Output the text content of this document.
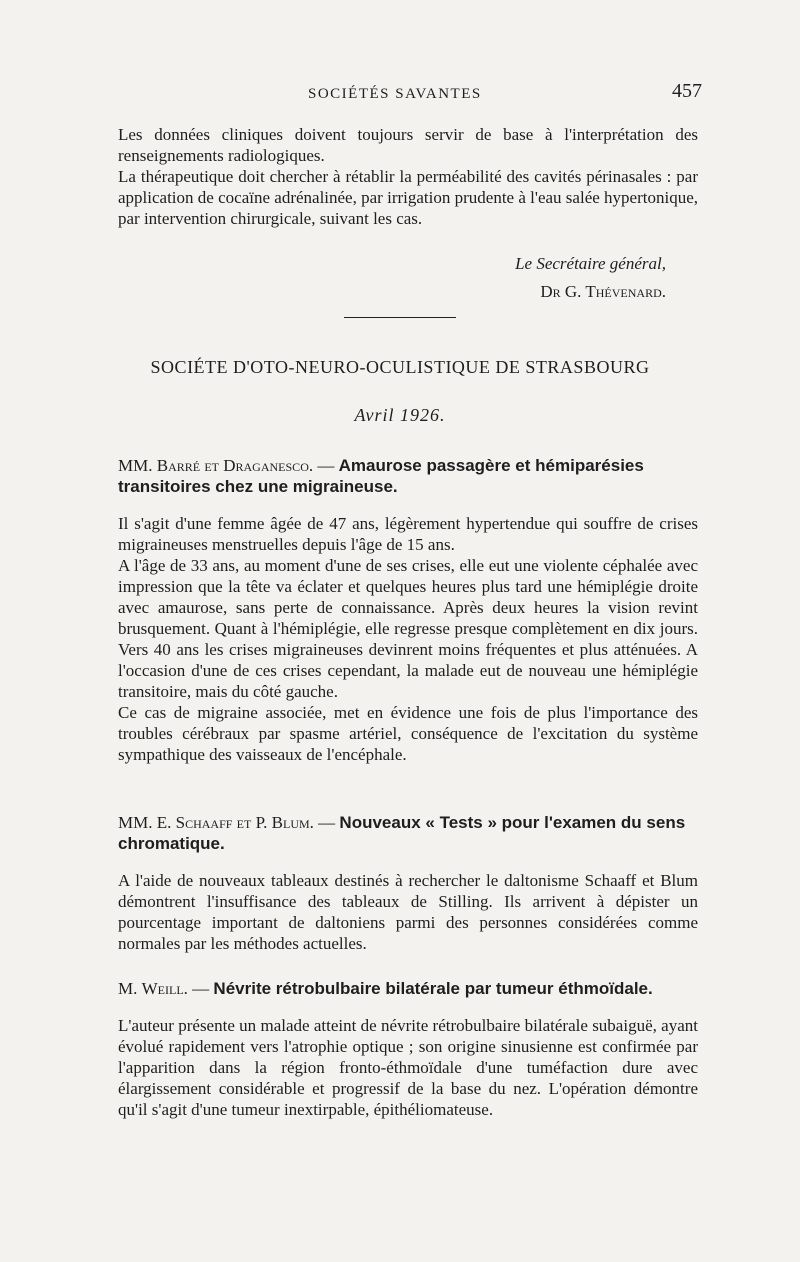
SOCIÉTÉS SAVANTES	457

Les données cliniques doivent toujours servir de base à l'interprétation des renseignements radiologiques.

La thérapeutique doit chercher à rétablir la perméabilité des cavités périnasales : par application de cocaïne adrénalinée, par irrigation prudente à l'eau salée hypertonique, par intervention chirurgicale, suivant les cas.

Le Secrétaire général,
Dr G. Thévenard.
SOCIÉTE D'OTO-NEURO-OCULISTIQUE DE STRASBOURG
Avril 1926.
MM. Barré et Draganesco. — Amaurose passagère et hémiparésies transitoires chez une migraineuse.

Il s'agit d'une femme âgée de 47 ans, légèrement hypertendue qui souffre de crises migraineuses menstruelles depuis l'âge de 15 ans.

A l'âge de 33 ans, au moment d'une de ses crises, elle eut une violente céphalée avec impression que la tête va éclater et quelques heures plus tard une hémiplégie droite avec amaurose, sans perte de connaissance. Après deux heures la vision revint brusquement. Quant à l'hémiplégie, elle regresse presque complètement en dix jours. Vers 40 ans les crises migraineuses devinrent moins fréquentes et plus atténuées. A l'occasion d'une de ces crises cependant, la malade eut de nouveau une hémiplégie transitoire, mais du côté gauche.

Ce cas de migraine associée, met en évidence une fois de plus l'importance des troubles cérébraux par spasme artériel, conséquence de l'excitation du système sympathique des vaisseaux de l'encéphale.

MM. E. Schaaff et P. Blum. — Nouveaux « Tests » pour l'examen du sens chromatique.

A l'aide de nouveaux tableaux destinés à rechercher le daltonisme Schaaff et Blum démontrent l'insuffisance des tableaux de Stilling. Ils arrivent à dépister un pourcentage important de daltoniens parmi des personnes considérées comme normales par les méthodes actuelles.

M. Weill. — Névrite rétrobulbaire bilatérale par tumeur éthmoïdale.

L'auteur présente un malade atteint de névrite rétrobulbaire bilatérale subaiguë, ayant évolué rapidement vers l'atrophie optique ; son origine sinusienne est confirmée par l'apparition dans la région fronto-éthmoïdale d'une tuméfaction dure avec élargissement considérable et progressif de la base du nez. L'opération démontre qu'il s'agit d'une tumeur inextirpable, épithéliomateuse.
